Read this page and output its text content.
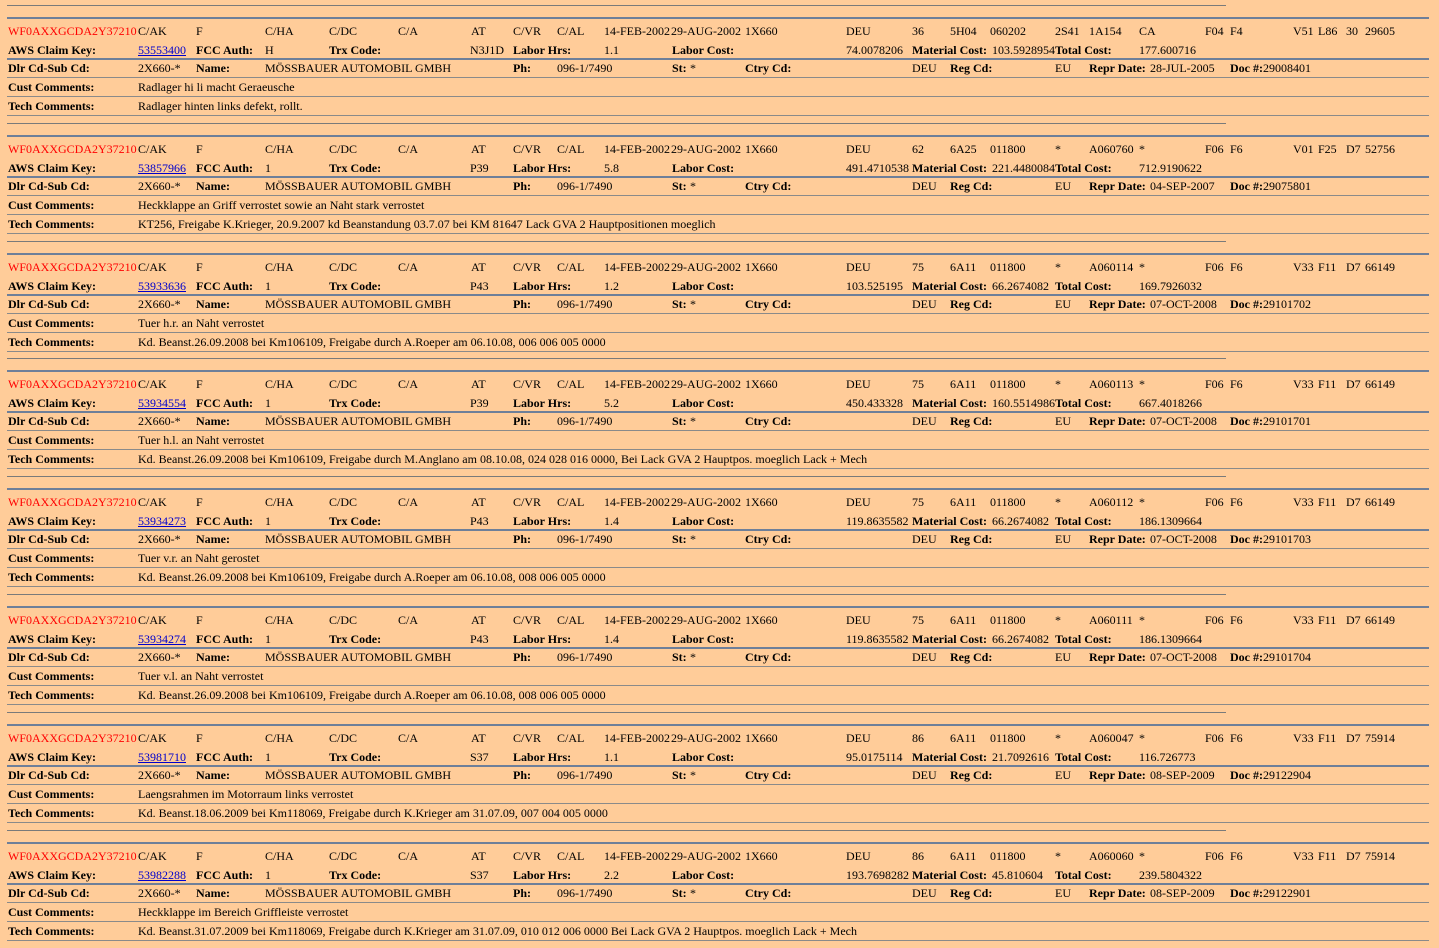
WF0AXXGCDA2Y37210 C/AK F	C/HA	C/DC	C/A	AT C/VR C/AL 14-FEB-2002 29-AUG-2002 1X660	DEU	36 5H04 060202 2S41 1A154 CA	F04 F4	V51 L86 30 29605
AWS Claim Key:	53553400 FCC Auth: H	Trx Code:	N3J1D Labor Hrs:	1.1	Labor Cost:	74.0078206 Material Cost: 103.5928954 Total Cost: 177.600716
Dlr Cd-Sub Cd:	2X660-* Name:	MÖSSBAUER AUTOMOBIL GMBH	Ph: 096-1/7490	St: *	Ctry Cd:	DEU Reg Cd:	EU Repr Date: 28-JUL-2005 Doc #: 29008401
Cust Comments:	Radlager hi li macht Geraeusche
Tech Comments:	Radlager hinten links defekt, rollt.
WF0AXXGCDA2Y37210 C/AK F	C/HA	C/DC	C/A	AT C/VR C/AL 14-FEB-2002 29-AUG-2002 1X660	DEU	62 6A25 011800 * A060760 *	F06 F6	V01 F25 D7 52756
AWS Claim Key:	53857966 FCC Auth: 1	Trx Code:	P39 Labor Hrs:	5.8	Labor Cost:	491.4710538 Material Cost: 221.4480084 Total Cost: 712.9190622
Dlr Cd-Sub Cd:	2X660-* Name:	MÖSSBAUER AUTOMOBIL GMBH	Ph: 096-1/7490	St: *	Ctry Cd:	DEU Reg Cd:	EU Repr Date: 04-SEP-2007 Doc #: 29075801
Cust Comments:	Heckklappe an Griff verrostet sowie an Naht stark verrostet
Tech Comments:	KT256, Freigabe K.Krieger, 20.9.2007 kd Beanstandung 03.7.07 bei KM 81647 Lack GVA 2 Hauptpositionen moeglich
WF0AXXGCDA2Y37210 C/AK F	C/HA	C/DC	C/A	AT C/VR C/AL 14-FEB-2002 29-AUG-2002 1X660	DEU	75 6A11 011800 * A060114 *	F06 F6	V33 F11 D7 66149
AWS Claim Key:	53933636 FCC Auth: 1	Trx Code:	P43 Labor Hrs:	1.2	Labor Cost:	103.525195 Material Cost: 66.2674082 Total Cost: 169.7926032
Dlr Cd-Sub Cd:	2X660-* Name:	MÖSSBAUER AUTOMOBIL GMBH	Ph: 096-1/7490	St: *	Ctry Cd:	DEU Reg Cd:	EU Repr Date: 07-OCT-2008 Doc #: 29101702
Cust Comments:	Tuer h.r. an Naht verrostet
Tech Comments:	Kd. Beanst.26.09.2008 bei Km106109, Freigabe durch A.Roeper am 06.10.08, 006 006 005 0000
WF0AXXGCDA2Y37210 C/AK F	C/HA	C/DC	C/A	AT C/VR C/AL 14-FEB-2002 29-AUG-2002 1X660	DEU	75 6A11 011800 * A060113 *	F06 F6	V33 F11 D7 66149
AWS Claim Key:	53934554 FCC Auth: 1	Trx Code:	P39 Labor Hrs:	5.2	Labor Cost:	450.433328 Material Cost: 160.5514986 Total Cost: 667.4018266
Dlr Cd-Sub Cd:	2X660-* Name:	MÖSSBAUER AUTOMOBIL GMBH	Ph: 096-1/7490	St: *	Ctry Cd:	DEU Reg Cd:	EU Repr Date: 07-OCT-2008 Doc #: 29101701
Cust Comments:	Tuer h.l. an Naht verrostet
Tech Comments:	Kd. Beanst.26.09.2008 bei Km106109, Freigabe durch M.Anglano am 08.10.08, 024 028 016 0000, Bei Lack GVA 2 Hauptpos. moeglich Lack + Mech
WF0AXXGCDA2Y37210 C/AK F	C/HA	C/DC	C/A	AT C/VR C/AL 14-FEB-2002 29-AUG-2002 1X660	DEU	75 6A11 011800 * A060112 *	F06 F6	V33 F11 D7 66149
AWS Claim Key:	53934273 FCC Auth: 1	Trx Code:	P43 Labor Hrs:	1.4	Labor Cost:	119.8635582 Material Cost: 66.2674082 Total Cost: 186.1309664
Dlr Cd-Sub Cd:	2X660-* Name:	MÖSSBAUER AUTOMOBIL GMBH	Ph: 096-1/7490	St: *	Ctry Cd:	DEU Reg Cd:	EU Repr Date: 07-OCT-2008 Doc #: 29101703
Cust Comments:	Tuer v.r. an Naht gerostet
Tech Comments:	Kd. Beanst.26.09.2008 bei Km106109, Freigabe durch A.Roeper am 06.10.08, 008 006 005 0000
WF0AXXGCDA2Y37210 C/AK F	C/HA	C/DC	C/A	AT C/VR C/AL 14-FEB-2002 29-AUG-2002 1X660	DEU	75 6A11 011800 * A060111 *	F06 F6	V33 F11 D7 66149
AWS Claim Key:	53934274 FCC Auth: 1	Trx Code:	P43 Labor Hrs:	1.4	Labor Cost:	119.8635582 Material Cost: 66.2674082 Total Cost: 186.1309664
Dlr Cd-Sub Cd:	2X660-* Name:	MÖSSBAUER AUTOMOBIL GMBH	Ph: 096-1/7490	St: *	Ctry Cd:	DEU Reg Cd:	EU Repr Date: 07-OCT-2008 Doc #: 29101704
Cust Comments:	Tuer v.l. an Naht verrostet
Tech Comments:	Kd. Beanst.26.09.2008 bei Km106109, Freigabe durch A.Roeper am 06.10.08, 008 006 005 0000
WF0AXXGCDA2Y37210 C/AK F	C/HA	C/DC	C/A	AT C/VR C/AL 14-FEB-2002 29-AUG-2002 1X660	DEU	86 6A11 011800 * A060047 *	F06 F6	V33 F11 D7 75914
AWS Claim Key:	53981710 FCC Auth: 1	Trx Code:	S37 Labor Hrs:	1.1	Labor Cost:	95.0175114 Material Cost: 21.7092616 Total Cost: 116.726773
Dlr Cd-Sub Cd:	2X660-* Name:	MÖSSBAUER AUTOMOBIL GMBH	Ph: 096-1/7490	St: *	Ctry Cd:	DEU Reg Cd:	EU Repr Date: 08-SEP-2009 Doc #: 29122904
Cust Comments:	Laengsrahmen im Motorraum links verrostet
Tech Comments:	Kd. Beanst.18.06.2009 bei Km118069, Freigabe durch K.Krieger am 31.07.09, 007 004 005 0000
WF0AXXGCDA2Y37210 C/AK F	C/HA	C/DC	C/A	AT C/VR C/AL 14-FEB-2002 29-AUG-2002 1X660	DEU	86 6A11 011800 * A060060 *	F06 F6	V33 F11 D7 75914
AWS Claim Key:	53982288 FCC Auth: 1	Trx Code:	S37 Labor Hrs:	2.2	Labor Cost:	193.7698282 Material Cost: 45.810604 Total Cost: 239.5804322
Dlr Cd-Sub Cd:	2X660-* Name:	MÖSSBAUER AUTOMOBIL GMBH	Ph: 096-1/7490	St: *	Ctry Cd:	DEU Reg Cd:	EU Repr Date: 08-SEP-2009 Doc #: 29122901
Cust Comments:	Heckklappe im Bereich Griffleiste verrostet
Tech Comments:	Kd. Beanst.31.07.2009 bei Km118069, Freigabe durch K.Krieger am 31.07.09, 010 012 006 0000 Bei Lack GVA 2 Hauptpos. moeglich Lack + Mech
